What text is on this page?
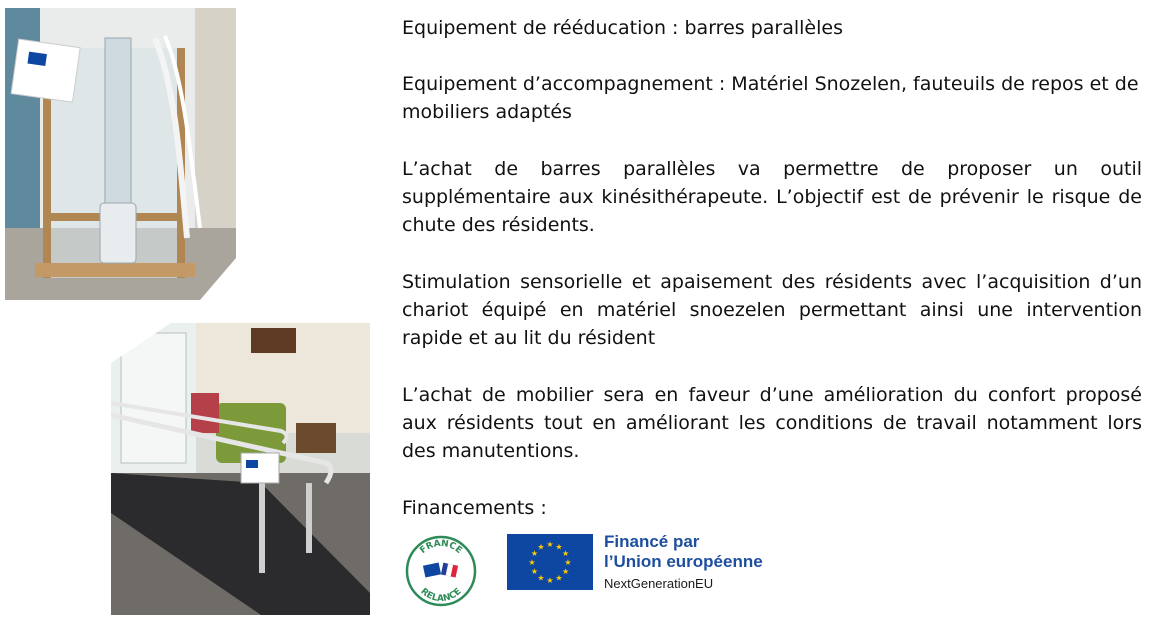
Equipement de rééducation : barres parallèles

Equipement d’accompagnement : Matériel Snozelen, fauteuils de repos et de mobiliers adaptés

L’achat de barres parallèles va permettre de proposer un outil supplémentaire aux kinésithérapeute. L’objectif est de prévenir le risque de chute des résidents.

Stimulation sensorielle et apaisement des résidents avec l’acquisition d’un chariot équipé en matériel snoezelen permettant ainsi une intervention rapide et au lit du résident

L’achat de mobilier sera en faveur d’une amélioration du confort proposé aux résidents tout en améliorant les conditions de travail notamment lors des manutentions.

Financements :
FRANCE
RELANCE
★ ★
★
★
★
★
★
★
★
★
★
★	Financé par
l’Union européenne
NextGenerationEU
